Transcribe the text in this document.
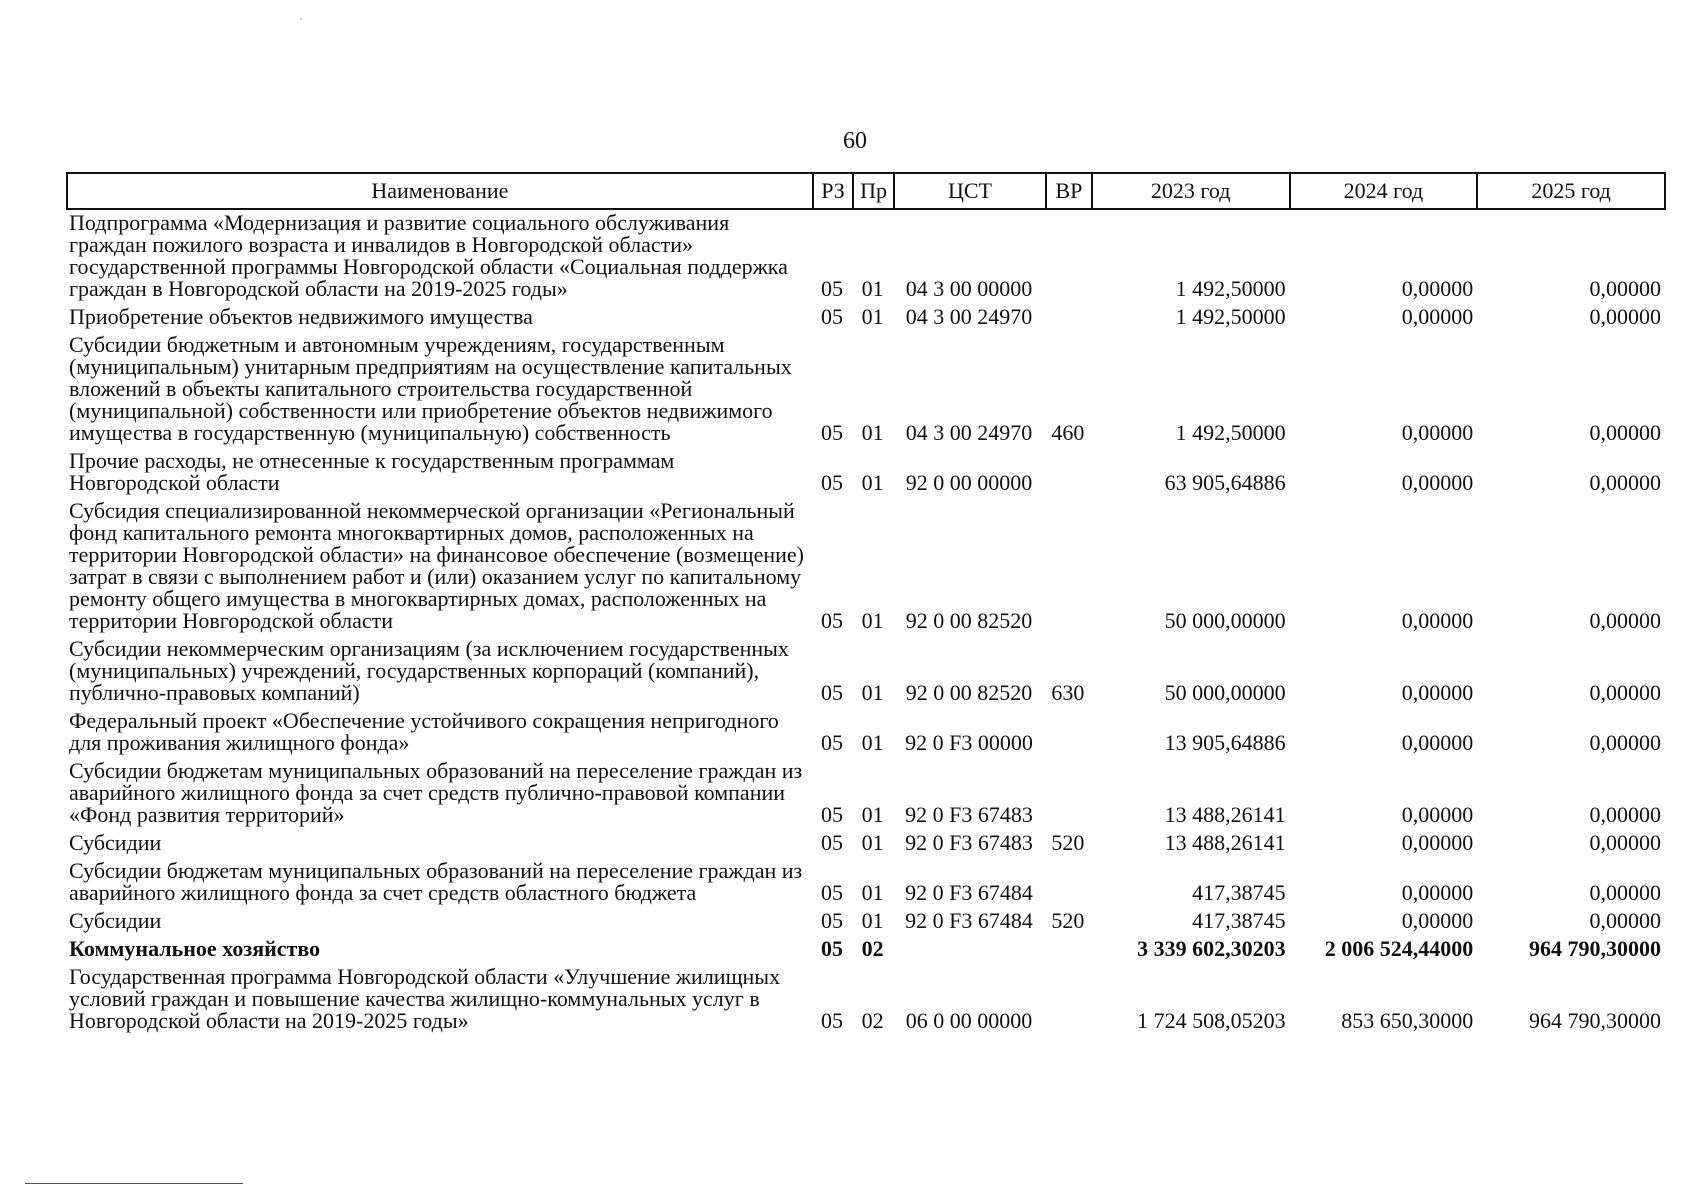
60
Наименование	РЗ	Пр	ЦСТ	ВР	2023 год	2024 год	2025 год
Подпрограмма «Модернизация и развитие социального обслуживания граждан пожилого возраста и инвалидов в Новгородской области» государственной программы Новгородской области «Социальная поддержка граждан в Новгородской области на 2019-2025 годы»	05	01	04 3 00 00000		1 492,50000	0,00000	0,00000
Приобретение объектов недвижимого имущества	05	01	04 3 00 24970		1 492,50000	0,00000	0,00000
Субсидии бюджетным и автономным учреждениям, государственным (муниципальным) унитарным предприятиям на осуществление капитальных вложений в объекты капитального строительства государственной (муниципальной) собственности или приобретение объектов недвижимого имущества в государственную (муниципальную) собственность	05	01	04 3 00 24970	460	1 492,50000	0,00000	0,00000
Прочие расходы, не отнесенные к государственным программам Новгородской области	05	01	92 0 00 00000		63 905,64886	0,00000	0,00000
Субсидия специализированной некоммерческой организации «Региональный фонд капитального ремонта многоквартирных домов, расположенных на территории Новгородской области» на финансовое обеспечение (возмещение) затрат в связи с выполнением работ и (или) оказанием услуг по капитальному ремонту общего имущества в многоквартирных домах, расположенных на территории Новгородской области	05	01	92 0 00 82520		50 000,00000	0,00000	0,00000
Субсидии некоммерческим организациям (за исключением государственных (муниципальных) учреждений, государственных корпораций (компаний), публично-правовых компаний)	05	01	92 0 00 82520	630	50 000,00000	0,00000	0,00000
Федеральный проект «Обеспечение устойчивого сокращения непригодного для проживания жилищного фонда»	05	01	92 0 F3 00000		13 905,64886	0,00000	0,00000
Субсидии бюджетам муниципальных образований на переселение граждан из аварийного жилищного фонда за счет средств публично-правовой компании «Фонд развития территорий»	05	01	92 0 F3 67483		13 488,26141	0,00000	0,00000
Субсидии	05	01	92 0 F3 67483	520	13 488,26141	0,00000	0,00000
Субсидии бюджетам муниципальных образований на переселение граждан из аварийного жилищного фонда за счет средств областного бюджета	05	01	92 0 F3 67484		417,38745	0,00000	0,00000
Субсидии	05	01	92 0 F3 67484	520	417,38745	0,00000	0,00000
Коммунальное хозяйство	05	02			3 339 602,30203	2 006 524,44000	964 790,30000
Государственная программа Новгородской области «Улучшение жилищных условий граждан и повышение качества жилищно-коммунальных услуг в Новгородской области на 2019-2025 годы»	05	02	06 0 00 00000		1 724 508,05203	853 650,30000	964 790,30000
